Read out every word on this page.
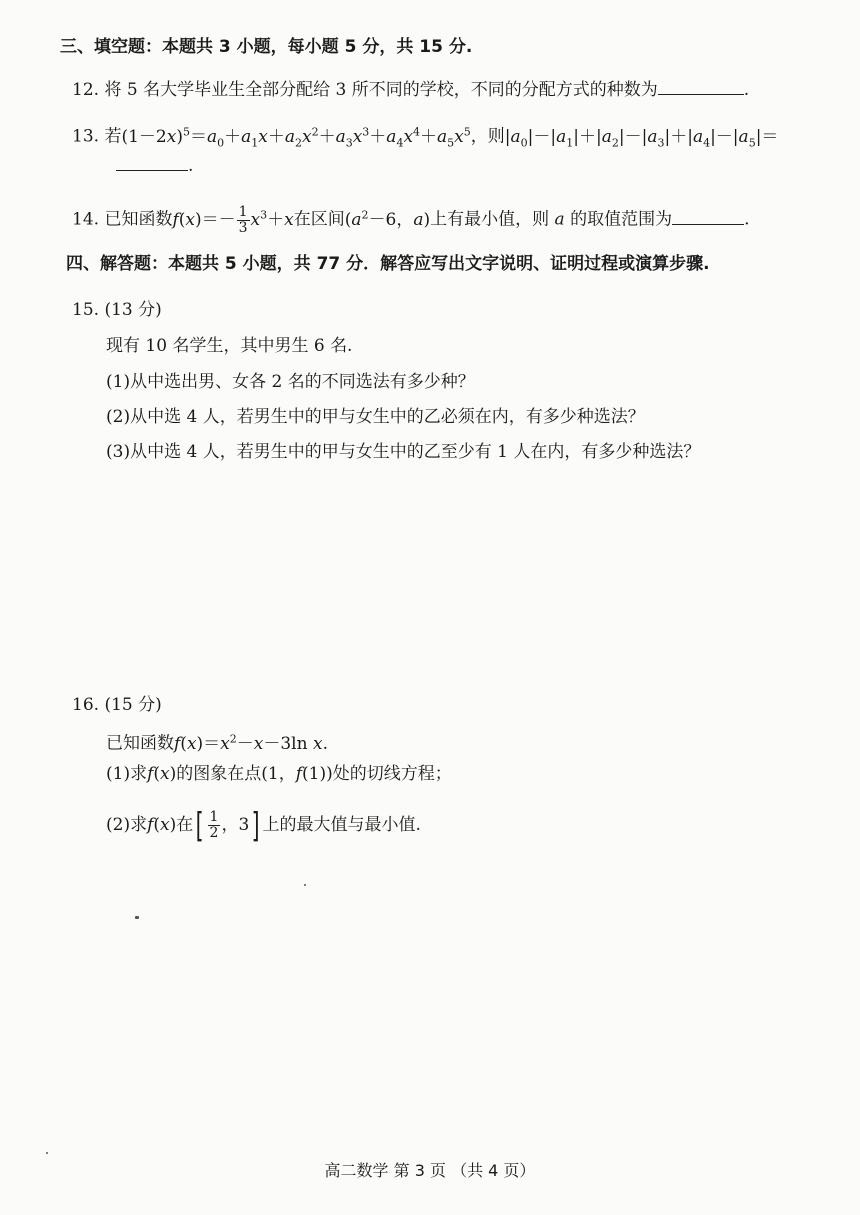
三、填空题：本题共 3 小题，每小题 5 分，共 15 分.
12. 将 5 名大学毕业生全部分配给 3 所不同的学校，不同的分配方式的种数为	.
13. 若$(1-2x)^5=a_0+a_1x+a_2x^2+a_3x^3+a_4x^4+a_5x^5$，则$|a_0|-|a_1|+|a_2|-|a_3|+|a_4|-|a_5|=$
.
14. 已知函数$f(x)=- \frac{1}{3} x^3+x$在区间($a^2-6$，a)上有最小值，则 a 的取值范围为	.
四、解答题：本题共 5 小题，共 77 分．解答应写出文字说明、证明过程或演算步骤.
15. (13 分)
现有 10 名学生，其中男生 6 名.
(1)从中选出男、女各 2 名的不同选法有多少种？
(2)从中选 4 人，若男生中的甲与女生中的乙必须在内，有多少种选法？
(3)从中选 4 人，若男生中的甲与女生中的乙至少有 1 人在内，有多少种选法？
16. (15 分)
已知函数$f(x)=x^2-x-3\ln$ x.
(1)求f(x)的图象在点(1，f(1))处的切线方程；
(2)求f(x)在[ $\frac{1}{2}$ ，3] 上的最大值与最小值.
高二数学 第 3 页 （共 4 页）
